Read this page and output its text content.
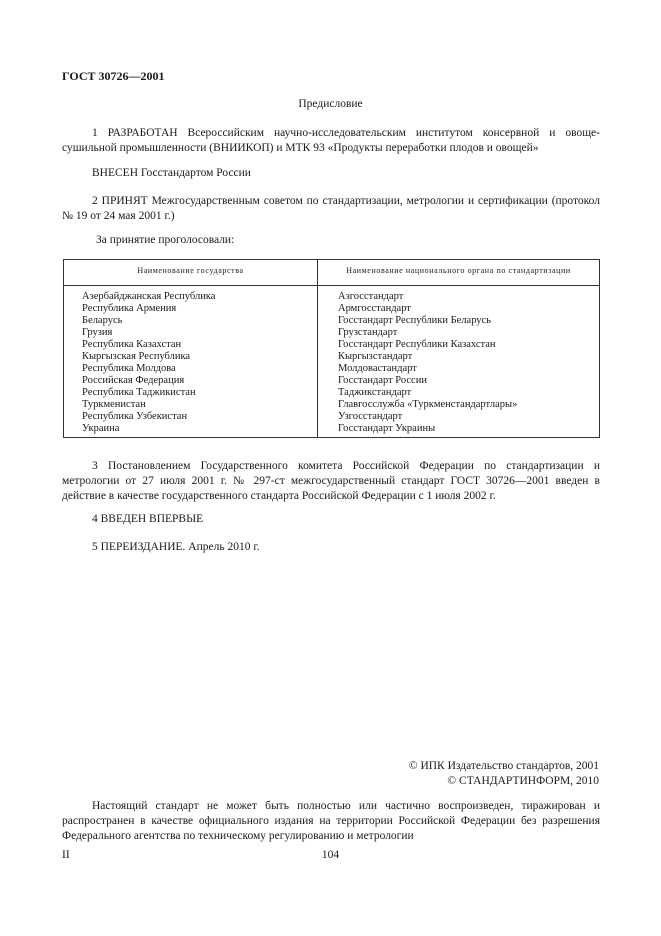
ГОСТ 30726—2001
Предисловие
1 РАЗРАБОТАН Всероссийским научно-исследовательским институтом консервной и овоще-сушильной промышленности (ВНИИКОП) и МТК 93 «Продукты переработки плодов и овощей»
ВНЕСЕН Госстандартом России
2 ПРИНЯТ Межгосударственным советом по стандартизации, метрологии и сертификации (протокол № 19 от 24 мая 2001 г.)
За принятие проголосовали:
Наименование государства	Наименование национального органа по стандартизации
Азербайджанская Республика
Республика Армения
Беларусь
Грузия
Республика Казахстан
Кыргызская Республика
Республика Молдова
Российская Федерация
Республика Таджикистан
Туркменистан
Республика Узбекистан
Украина
Азгосстандарт
Армгосстандарт
Госстандарт Республики Беларусь
Грузстандарт
Госстандарт Республики Казахстан
Кыргызстандарт
Молдовастандарт
Госстандарт России
Таджикстандарт
Главгосслужба «Туркменстандартлары»
Узгосстандарт
Госстандарт Украины
3 Постановлением Государственного комитета Российской Федерации по стандартизации и метрологии от 27 июля 2001 г. № 297-ст межгосударственный стандарт ГОСТ 30726—2001 введен в действие в качестве государственного стандарта Российской Федерации с 1 июля 2002 г.
4 ВВЕДЕН ВПЕРВЫЕ
5 ПЕРЕИЗДАНИЕ. Апрель 2010 г.
© ИПК Издательство стандартов, 2001
© СТАНДАРТИНФОРМ, 2010
Настоящий стандарт не может быть полностью или частично воспроизведен, тиражирован и распространен в качестве официального издания на территории Российской Федерации без разрешения Федерального агентства по техническому регулированию и метрологии
II	104
